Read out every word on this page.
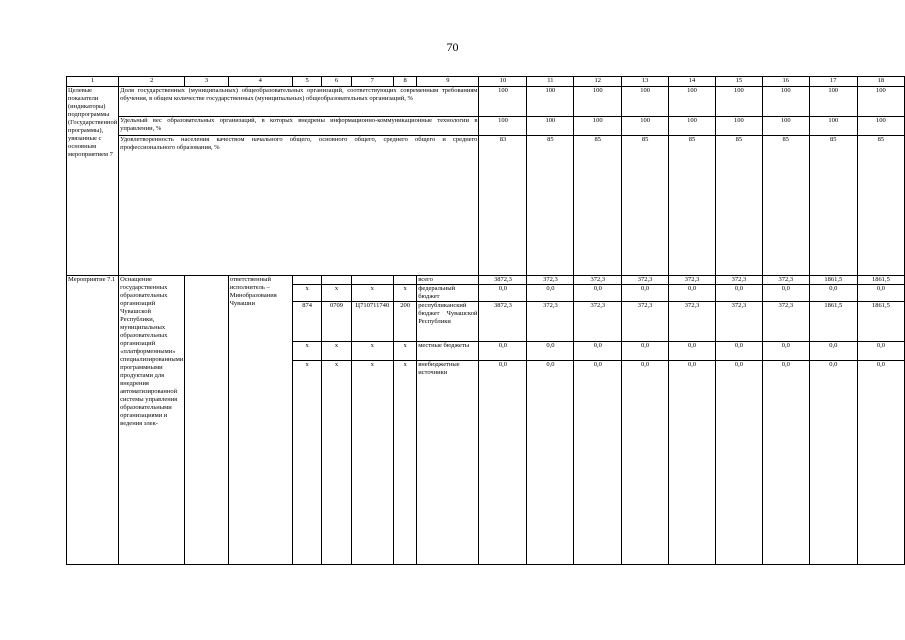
70
1	2	3	4	5	6	7	8	9	10	11	12	13	14	15	16	17	18
Целевые показатели (индикаторы) подпрограммы (Государственной программы), увязанные с основным мероприятием 7	Доля государственных (муниципальных) общеобразовательных организаций, соответствующих современным требованиям обучения, в общем количестве государственных (муниципальных) общеобразовательных организаций, %								100	100	100	100	100	100	100	100	100
	Удельный вес образовательных организаций, в которых внедрены информационно-коммуникационные технологии в управлении, %								100	100	100	100	100	100	100	100	100
	Удовлетворенность населения качеством начального общего, основного общего, среднего общего и среднего профессионального образования, %								83	85	85	85	85	85	85	85	85
Мероприятие 7.1	Оснащение государственных образовательных организаций Чувашской Республики, муниципальных образовательных организаций «платформенными» специализированными программными продуктами для внедрения автоматизированной системы управления образовательными организациями и ведения элек-		ответственный исполнитель – Минобразования Чувашии					всего	3872,3	372,3	372,3	372,3	372,3	372,3	372,3	1861,5	1861,5
				x	x	x	x	федеральный бюджет	0,0	0,0	0,0	0,0	0,0	0,0	0,0	0,0	0,0
				874	0709	Ц710711740	200	республиканский бюджет Чувашской Республики	3872,3	372,3	372,3	372,3	372,3	372,3	372,3	1861,5	1861,5
				x	x	x	x	местные бюджеты	0,0	0,0	0,0	0,0	0,0	0,0	0,0	0,0	0,0
				x	x	x	x	внебюджетные источники	0,0	0,0	0,0	0,0	0,0	0,0	0,0	0,0	0,0
